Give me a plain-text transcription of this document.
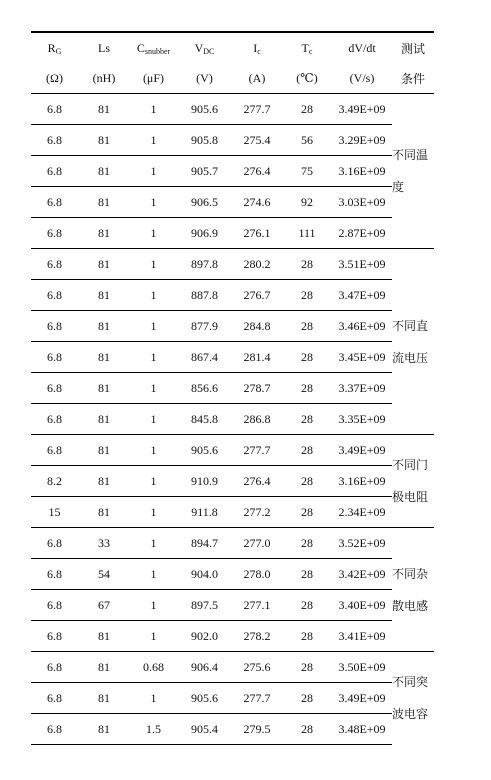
$R_G$	Ls	$C_{snubber}$	$V_{DC}$	$I_c$	$T_c$	dV/dt	测试
(Ω)	(nH)	(μF)	(V)	(A)	(℃)	(V/s)	条件
6.8	81	1	905.6	277.7	28	3.49E+09	不同温度
6.8	81	1	905.8	275.4	56	3.29E+09	
6.8	81	1	905.7	276.4	75	3.16E+09	
6.8	81	1	906.5	274.6	92	3.03E+09	
6.8	81	1	906.9	276.1	111	2.87E+09	
6.8	81	1	897.8	280.2	28	3.51E+09	不同直流电压
6.8	81	1	887.8	276.7	28	3.47E+09	
6.8	81	1	877.9	284.8	28	3.46E+09	
6.8	81	1	867.4	281.4	28	3.45E+09	
6.8	81	1	856.6	278.7	28	3.37E+09	
6.8	81	1	845.8	286.8	28	3.35E+09	
6.8	81	1	905.6	277.7	28	3.49E+09	不同门极电阻
8.2	81	1	910.9	276.4	28	3.16E+09	
15	81	1	911.8	277.2	28	2.34E+09	
6.8	33	1	894.7	277.0	28	3.52E+09	不同杂散电感
6.8	54	1	904.0	278.0	28	3.42E+09	
6.8	67	1	897.5	277.1	28	3.40E+09	
6.8	81	1	902.0	278.2	28	3.41E+09	
6.8	81	0.68	906.4	275.6	28	3.50E+09	不同突波电容
6.8	81	1	905.6	277.7	28	3.49E+09	
6.8	81	1.5	905.4	279.5	28	3.48E+09	
